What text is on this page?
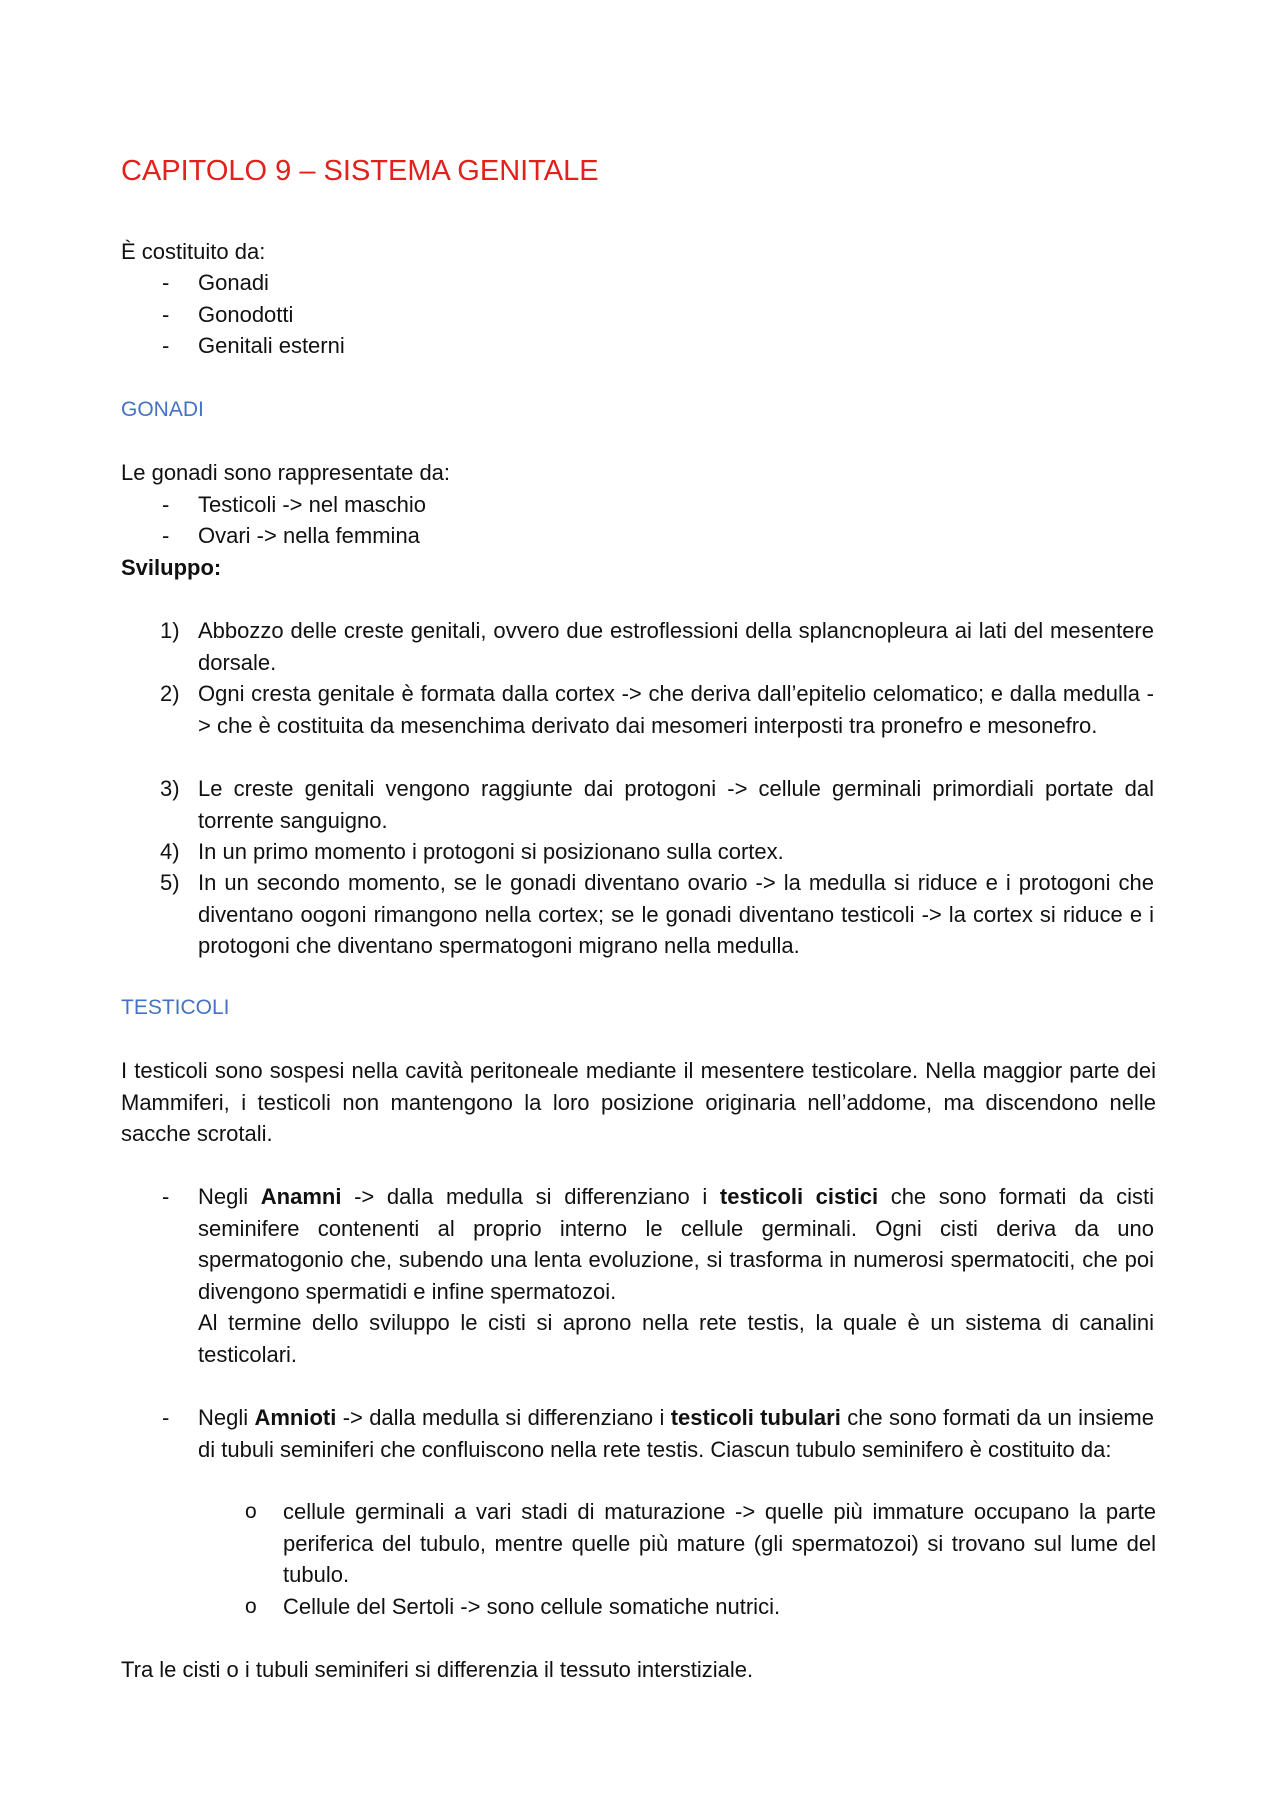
CAPITOLO 9 – SISTEMA GENITALE

È costituito da:

- Gonadi

- Gonodotti

- Genitali esterni

GONADI

Le gonadi sono rappresentate da:

- Testicoli -> nel maschio

- Ovari -> nella femmina

Sviluppo:

1) Abbozzo delle creste genitali, ovvero due estroflessioni della splancnopleura ai lati del mesentere dorsale.

2) Ogni cresta genitale è formata dalla cortex -> che deriva dall’epitelio celomatico; e dalla medulla -> che è costituita da mesenchima derivato dai mesomeri interposti tra pronefro e mesonefro.

3) Le creste genitali vengono raggiunte dai protogoni -> cellule germinali primordiali portate dal torrente sanguigno.

4) In un primo momento i protogoni si posizionano sulla cortex.

5) In un secondo momento, se le gonadi diventano ovario -> la medulla si riduce e i protogoni che diventano oogoni rimangono nella cortex; se le gonadi diventano testicoli -> la cortex si riduce e i protogoni che diventano spermatogoni migrano nella medulla.

TESTICOLI

I testicoli sono sospesi nella cavità peritoneale mediante il mesentere testicolare. Nella maggior parte dei Mammiferi, i testicoli non mantengono la loro posizione originaria nell’addome, ma discendono nelle sacche scrotali.

- Negli Anamni -> dalla medulla si differenziano i testicoli cistici che sono formati da cisti seminifere contenenti al proprio interno le cellule germinali. Ogni cisti deriva da uno spermatogonio che, subendo una lenta evoluzione, si trasforma in numerosi spermatociti, che poi divengono spermatidi e infine spermatozoi.

Al termine dello sviluppo le cisti si aprono nella rete testis, la quale è un sistema di canalini testicolari.

- Negli Amnioti -> dalla medulla si differenziano i testicoli tubulari che sono formati da un insieme di tubuli seminiferi che confluiscono nella rete testis. Ciascun tubulo seminifero è costituito da:

o cellule germinali a vari stadi di maturazione -> quelle più immature occupano la parte periferica del tubulo, mentre quelle più mature (gli spermatozoi) si trovano sul lume del tubulo.

o Cellule del Sertoli -> sono cellule somatiche nutrici.

Tra le cisti o i tubuli seminiferi si differenzia il tessuto interstiziale.
